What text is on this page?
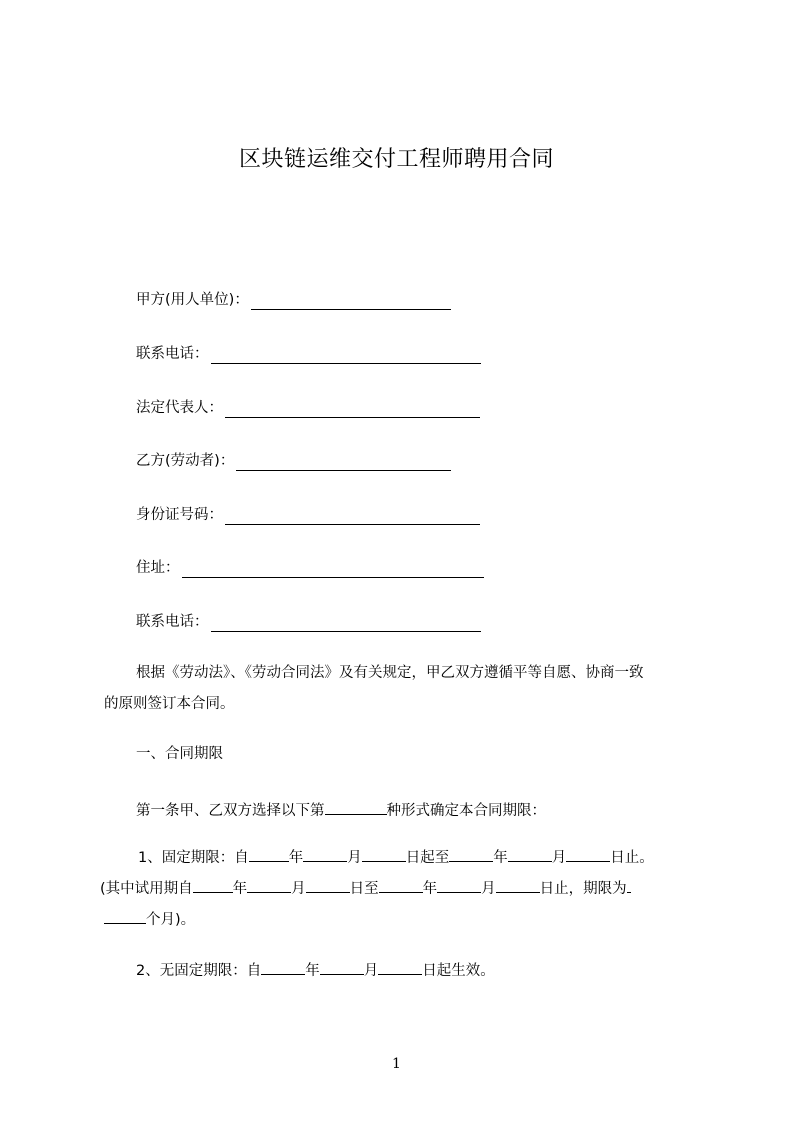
区块链运维交付工程师聘用合同
甲方(用人单位)：
联系电话：
法定代表人：
乙方(劳动者)：
身份证号码：
住址：
联系电话：
根据《劳动法》、《劳动合同法》及有关规定，甲乙双方遵循平等自愿、协商一致
的原则签订本合同。
一、合同期限
第一条甲、乙双方选择以下第	种形式确定本合同期限：
1、固定期限：自	年	月	日起至	年	月	日止。
(其中试用期自	年	月	日至	年	月	日止，期限为
个月)。
2、无固定期限：自	年	月	日起生效。
1
